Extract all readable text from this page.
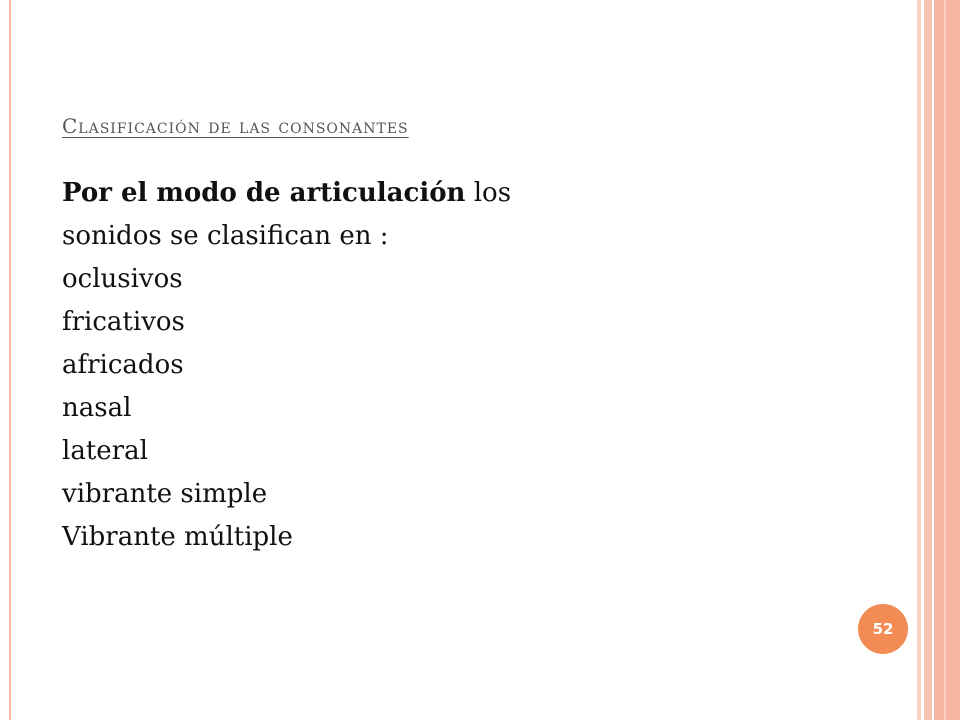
Clasificación de las consonantes
Por el modo de articulación los
sonidos se clasifican en :
oclusivos
fricativos
africados
nasal
lateral
vibrante simple
Vibrante múltiple
52
